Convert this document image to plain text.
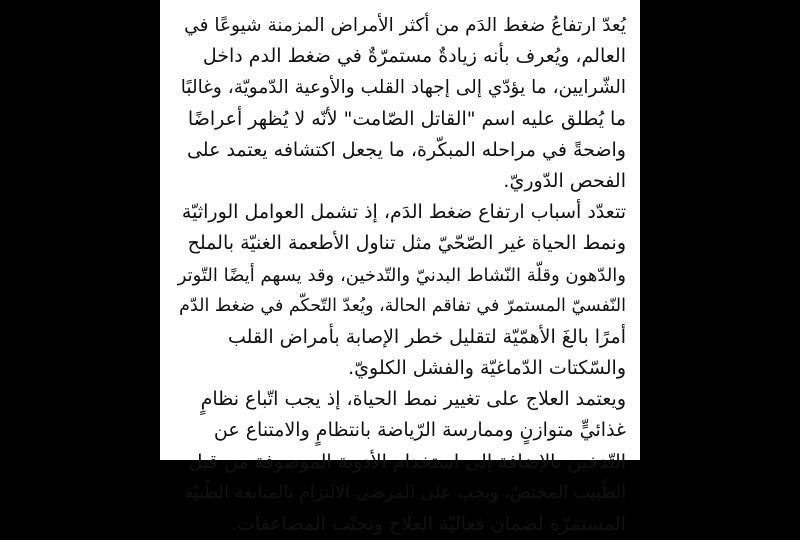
يُعدّ ارتفاعُ ضغط الدَم من أكثر الأمراض المزمنة شيوعًا في
العالم، ويُعرف بأنه زيادةٌ مستمرّةٌ في ضغط الدم داخل
الشّرايين، ما يؤدّي إلى إجهاد القلب والأوعية الدّمويّة، وغالبًا
ما يُطلق عليه اسم "القاتل الصّامت" لأنّه لا يُظهر أعراضًا
واضحةً في مراحله المبكّرة، ما يجعل اكتشافه يعتمد على
الفحص الدّوريّ.
تتعدّد أسباب ارتفاع ضغط الدَم، إذ تشمل العوامل الوراثيّة
ونمط الحياة غير الصّحّيّ مثل تناول الأطعمة الغنيّة بالملح
والدّهون وقلّة النّشاط البدنيّ والتّدخين، وقد يسهم أيضًا التّوتر
النّفسيّ المستمرّ في تفاقم الحالة، ويُعدّ التّحكّم في ضغط الدّم
أمرًا بالغَ الأهمّيّة لتقليل خطر الإصابة بأمراض القلب
والسّكتات الدّماغيّة والفشل الكلويّ.
ويعتمد العلاج على تغيير نمط الحياة، إذ يجب اتّباع نظامٍ
غذائيٍّ متوازنٍ وممارسة الرّياضة بانتظامٍ والامتناع عن
التّدخين بالإضافة إلى استخدام الأدوية الموصوفة من قبل
الطّبيب المختصّ، ويجب على المرضى الالتزام بالمتابعة الطّبيّة
المستمرّة لضمان فعاليّة العلاج وتجنّب المضاعفات.
